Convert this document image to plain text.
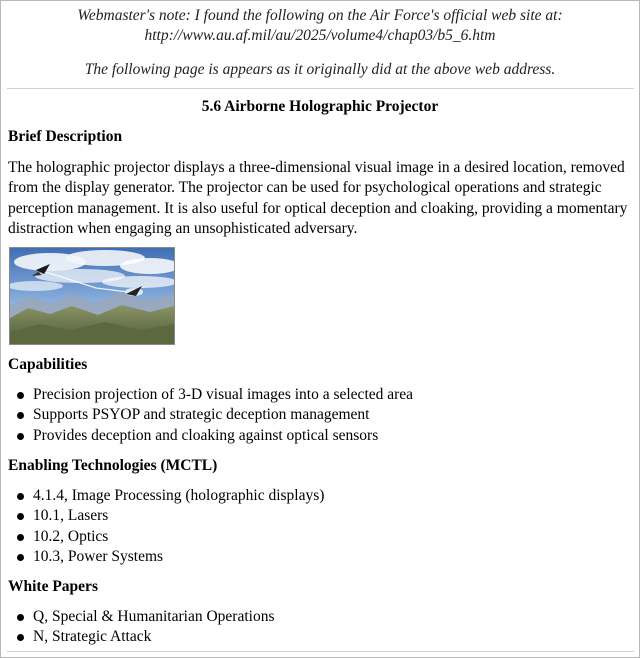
Webmaster's note: I found the following on the Air Force's official web site at:
http://www.au.af.mil/au/2025/volume4/chap03/b5_6.htm
The following page is appears as it originally did at the above web address.
5.6 Airborne Holographic Projector
Brief Description
The holographic projector displays a three-dimensional visual image in a desired location, removed from the display generator. The projector can be used for psychological operations and strategic perception management. It is also useful for optical deception and cloaking, providing a momentary distraction when engaging an unsophisticated adversary.
Capabilities
Precision projection of 3-D visual images into a selected area
Supports PSYOP and strategic deception management
Provides deception and cloaking against optical sensors
Enabling Technologies (MCTL)
4.1.4, Image Processing (holographic displays)
10.1, Lasers
10.2, Optics
10.3, Power Systems
White Papers
Q, Special & Humanitarian Operations
N, Strategic Attack
